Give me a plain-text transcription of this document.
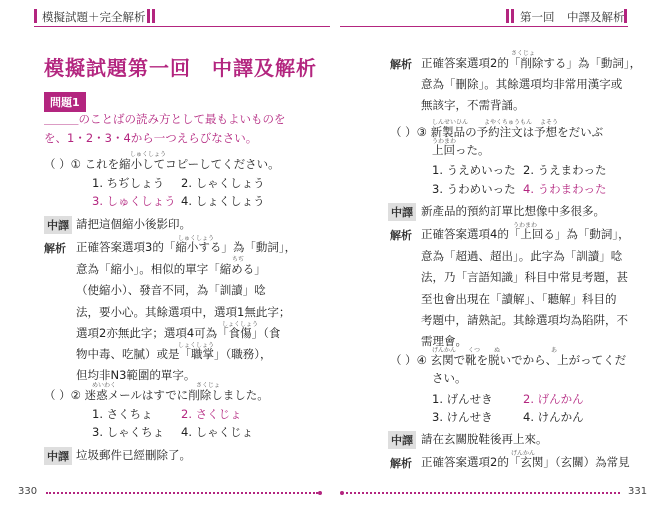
模擬試題＋完全解析	第一回 中譯及解析
模擬試題第一回　中譯及解析
問題1
＿＿＿のことばの読み方として最もよいものを
を、1・2・3・4から一つえらびなさい。
しゅくしょう
（ ）① これを縮小してコピーしてください。
1. ちぢしょう 2. しゃくしょう
3. しゅくしょう 4. しょくしょう
中譯 請把這個縮小後影印。
解析
しゅくしょう
正確答案選項3的「縮小する」為「動詞」，
ちぢ
意為「縮小」。相似的單字「縮める」
（使縮小）、發音不同，為「訓讀」唸
法，要小心。其餘選項中，選項1無此字；
しょくしょう
選項2亦無此字；選項4可為「食傷」（食
しょくしょう
物中毒、吃膩）或是「職掌」（職務），
但均非N3範圍的單字。
めいわく	さくじょ
（ ）② 迷惑メールはすでに削除しました。
1. さくちょ 2. さくじょ
3. しゃくちょ 4. しゃくじょ
中譯 垃圾郵件已經刪除了。
330
解析
さくじょ
正確答案選項2的「削除する」為「動詞」，
意為「刪除」。其餘選項均非常用漢字或
無該字，不需背誦。
しんせいひん	よやくちゅうもん よそう
（ ）③ 新製品の予約注文は予想をだいぶ
うわまわ
上回った。
1. うえめいった 2. うえまわった
3. うわめいった 4. うわまわった
中譯 新產品的預約訂單比想像中多很多。
解析
うわまわ
正確答案選項4的「上回る」為「動詞」，
意為「超過、超出」。此字為「訓讀」唸
法，乃「言語知識」科目中常見考題，甚
至也會出現在「讀解」、「聽解」科目的
考題中，請熟記。其餘選項均為陷阱，不
需理會。
げんかん くつ ぬ	あ
（ ）④ 玄関で靴を脱いでから、上がってくだ
さい。
1. げんせき	2. げんかん
3. けんせき	4. けんかん
中譯 請在玄關脫鞋後再上來。
解析
げんかん
正確答案選項2的「玄関」（玄關）為常見
331
